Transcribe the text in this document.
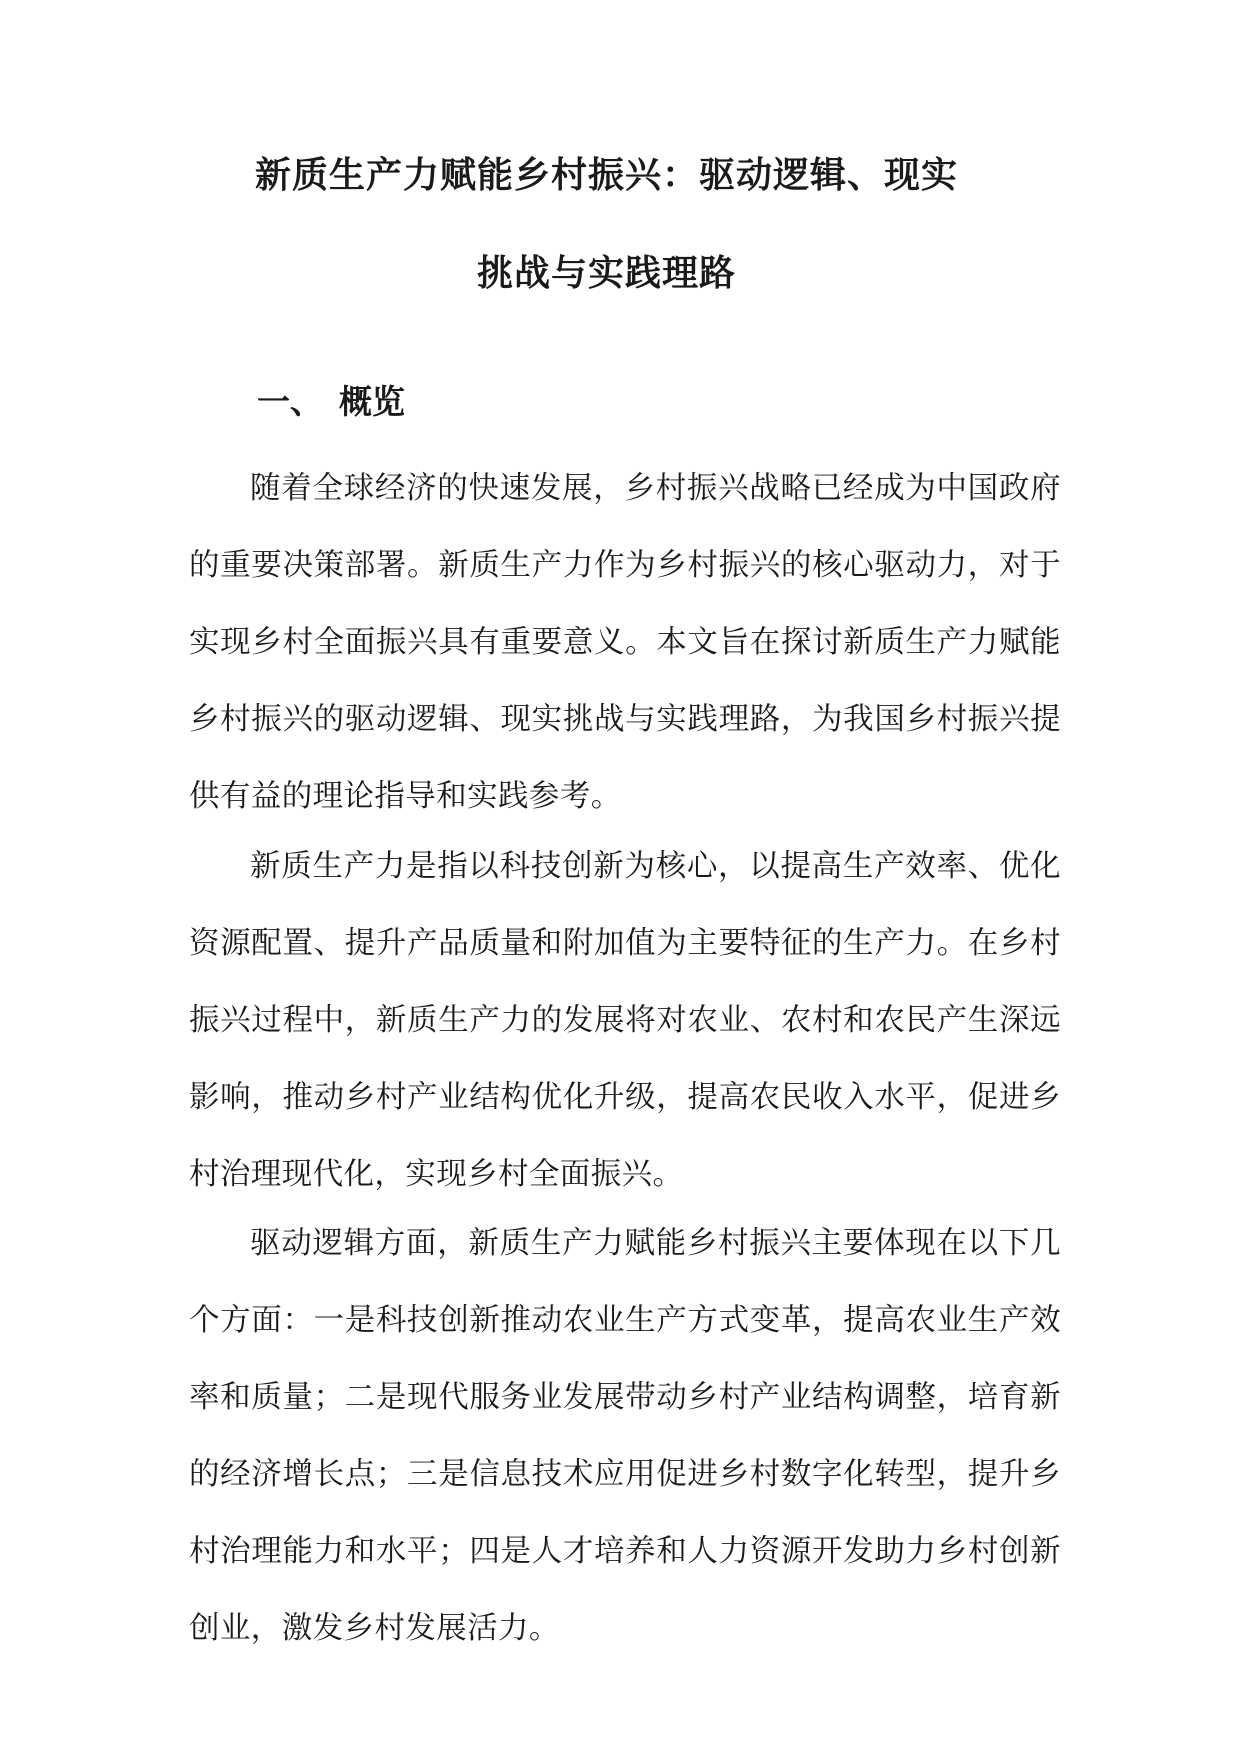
新质生产力赋能乡村振兴：驱动逻辑、现实
挑战与实践理路
一、 概览

随着全球经济的快速发展，乡村振兴战略已经成为中国政府的重要决策部署。新质生产力作为乡村振兴的核心驱动力，对于实现乡村全面振兴具有重要意义。本文旨在探讨新质生产力赋能乡村振兴的驱动逻辑、现实挑战与实践理路，为我国乡村振兴提供有益的理论指导和实践参考。

新质生产力是指以科技创新为核心，以提高生产效率、优化资源配置、提升产品质量和附加值为主要特征的生产力。在乡村振兴过程中，新质生产力的发展将对农业、农村和农民产生深远影响，推动乡村产业结构优化升级，提高农民收入水平，促进乡村治理现代化，实现乡村全面振兴。

驱动逻辑方面，新质生产力赋能乡村振兴主要体现在以下几个方面：一是科技创新推动农业生产方式变革，提高农业生产效率和质量；二是现代服务业发展带动乡村产业结构调整，培育新的经济增长点；三是信息技术应用促进乡村数字化转型，提升乡村治理能力和水平；四是人才培养和人力资源开发助力乡村创新创业，激发乡村发展活力。
